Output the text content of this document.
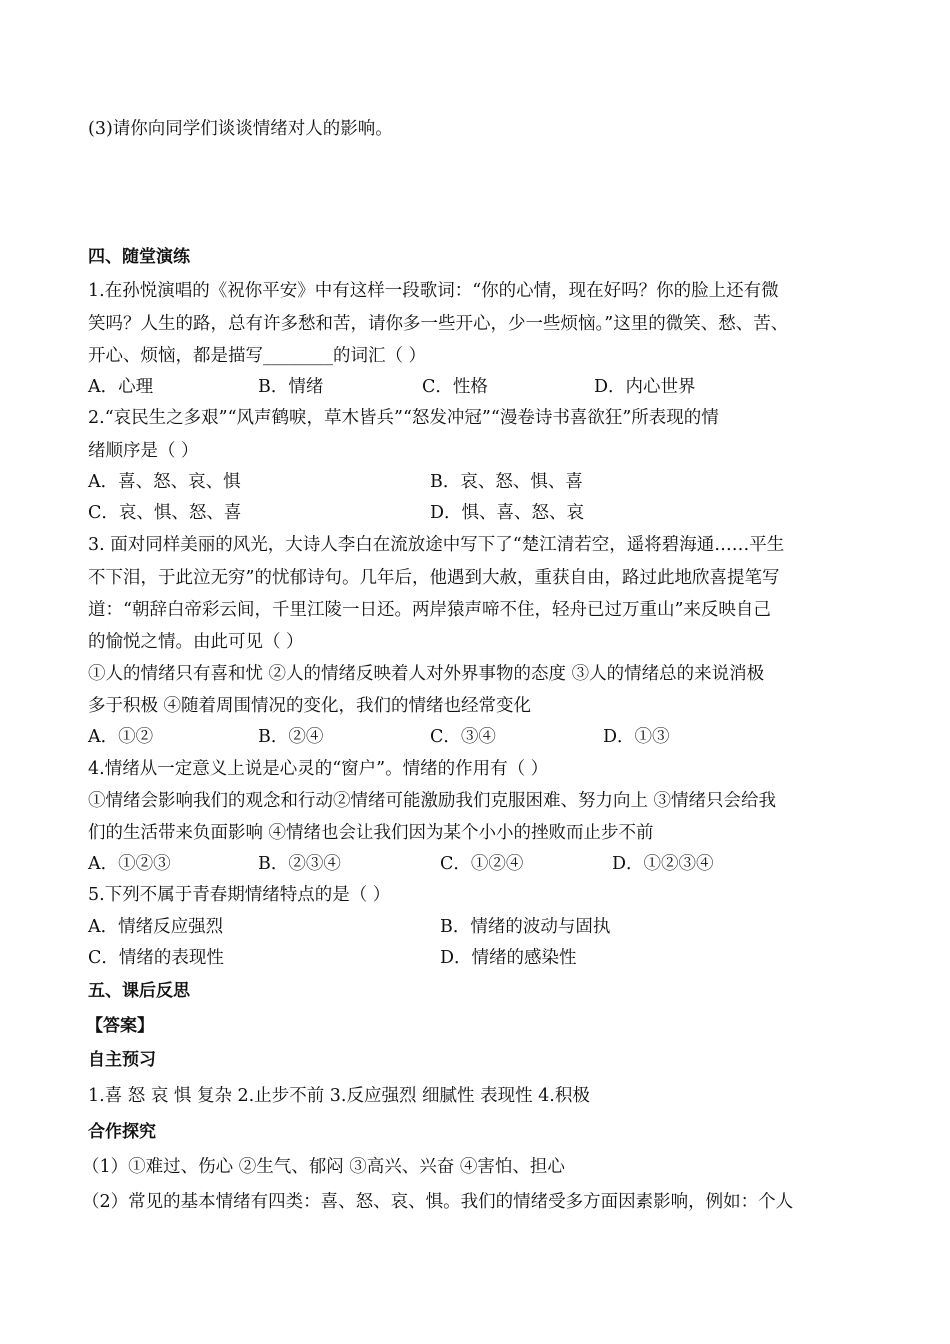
(3)请你向同学们谈谈情绪对人的影响。
四、随堂演练
1.在孙悦演唱的《祝你平安》中有这样一段歌词：“你的心情，现在好吗？你的脸上还有微
笑吗？人生的路，总有许多愁和苦，请你多一些开心，少一些烦恼。”这里的微笑、愁、苦、
开心、烦恼，都是描写________的词汇（ ）
A．心理	B．情绪	C．性格	D．内心世界
2.“哀民生之多艰”“风声鹤唳，草木皆兵”“怒发冲冠”“漫卷诗书喜欲狂”所表现的情
绪顺序是（ ）
A．喜、怒、哀、惧	B．哀、怒、惧、喜
C．哀、惧、怒、喜	D．惧、喜、怒、哀
3. 面对同样美丽的风光，大诗人李白在流放途中写下了“楚江清若空，遥将碧海通……平生
不下泪，于此泣无穷”的忧郁诗句。几年后，他遇到大赦，重获自由，路过此地欣喜提笔写
道：“朝辞白帝彩云间，千里江陵一日还。两岸猿声啼不住，轻舟已过万重山”来反映自己
的愉悦之情。由此可见（ ）
①人的情绪只有喜和忧 ②人的情绪反映着人对外界事物的态度 ③人的情绪总的来说消极
多于积极 ④随着周围情况的变化，我们的情绪也经常变化
A．①②	B．②④	C．③④	D．①③
4.情绪从一定意义上说是心灵的“窗户”。情绪的作用有（ ）
①情绪会影响我们的观念和行动②情绪可能激励我们克服困难、努力向上 ③情绪只会给我
们的生活带来负面影响 ④情绪也会让我们因为某个小小的挫败而止步不前
A．①②③	B．②③④	C．①②④	D．①②③④
5.下列不属于青春期情绪特点的是（ ）
A．情绪反应强烈	B．情绪的波动与固执
C．情绪的表现性	D．情绪的感染性
五、课后反思
【答案】
自主预习
1.喜 怒 哀 惧 复杂 2.止步不前 3.反应强烈 细腻性 表现性 4.积极
合作探究
（1）①难过、伤心 ②生气、郁闷 ③高兴、兴奋 ④害怕、担心
（2）常见的基本情绪有四类：喜、怒、哀、惧。我们的情绪受多方面因素影响，例如：个人
